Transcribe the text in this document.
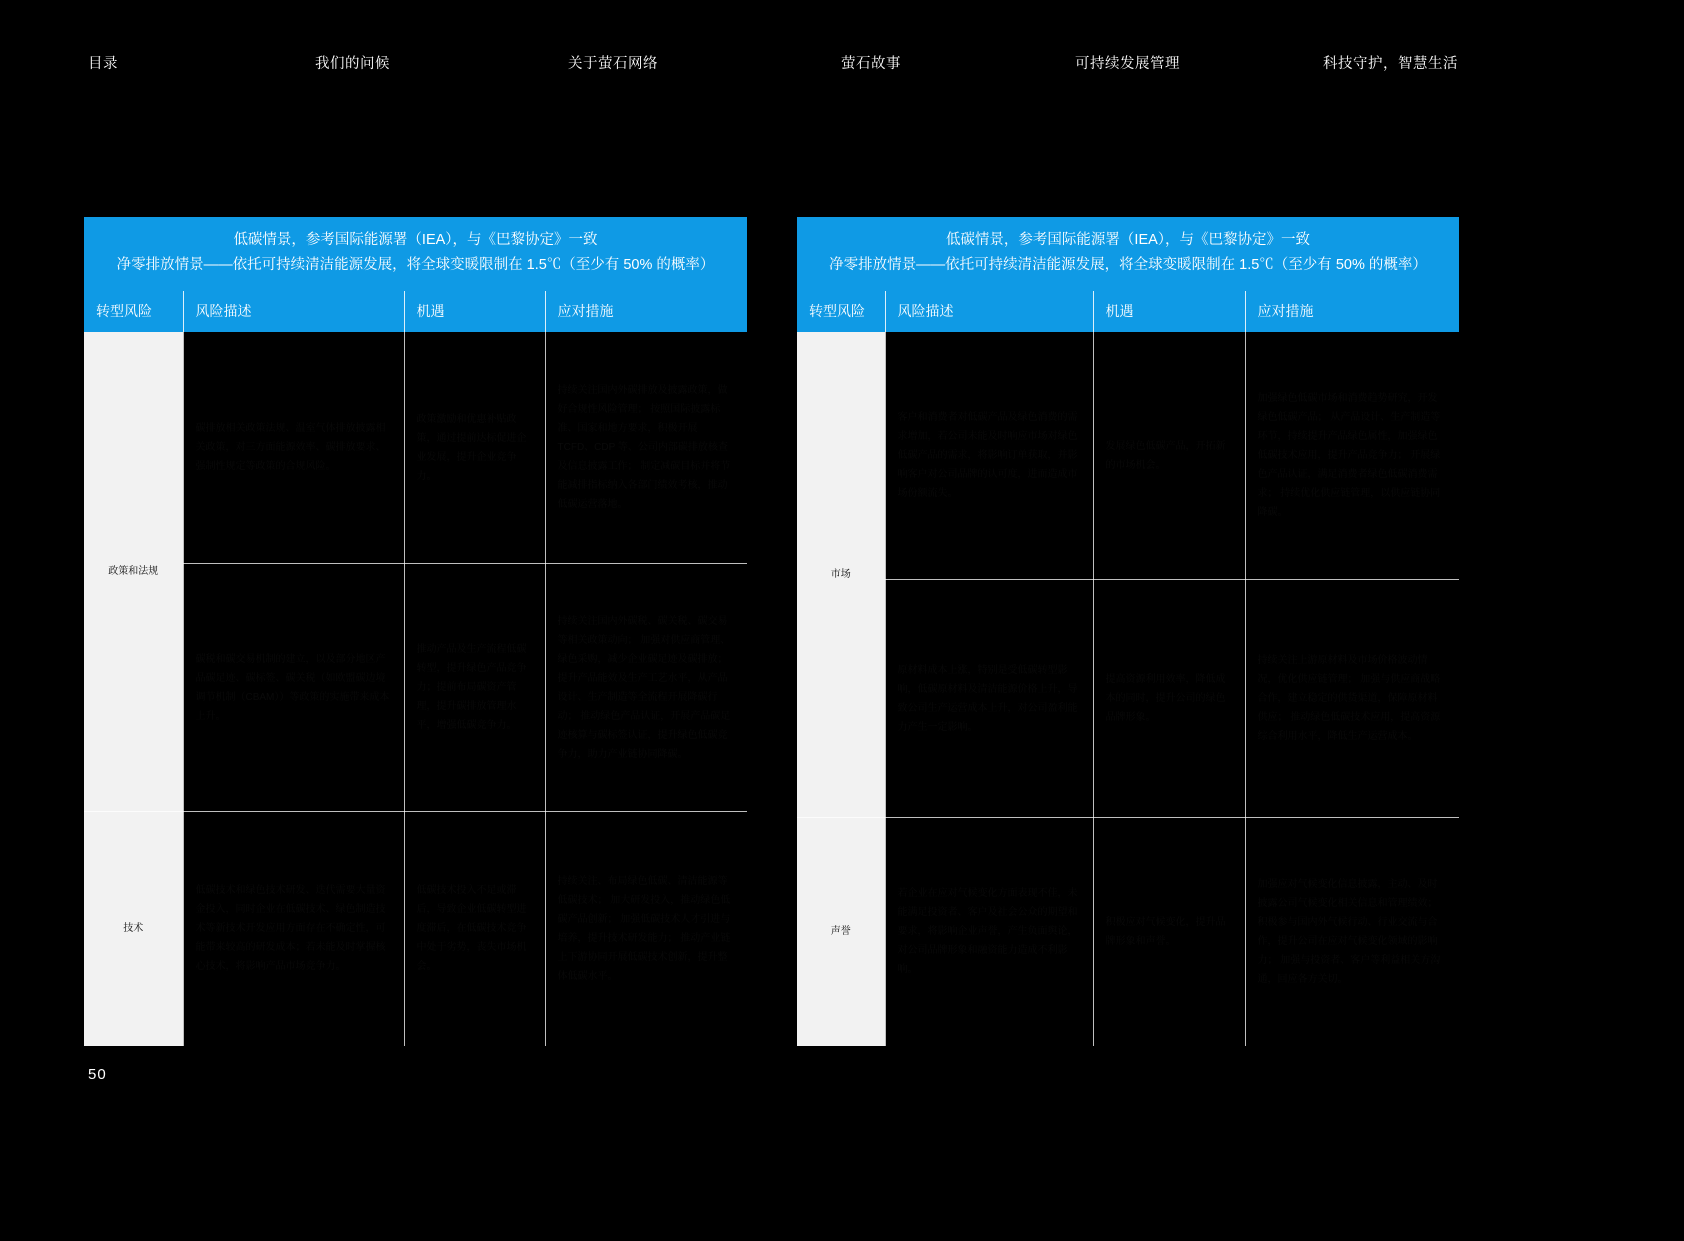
目录	我们的问候	关于萤石网络	萤石故事	可持续发展管理	科技守护，智慧生活
低碳情景，参考国际能源署（IEA），与《巴黎协定》一致
净零排放情景——依托可持续清洁能源发展，将全球变暖限制在 1.5℃（至少有 50% 的概率）
转型风险	风险描述	机遇	应对措施
政策和法规	碳排放相关政策法规、温室气体排放披露相关政策，对三方面能源效率、碳排放要求、强制性规定等政策的合规风险。	政策激励和优惠补贴政策，通过提前达标促进企业发展，提升企业竞争力。	持续关注国内外碳排放及披露政策，做好合规性风险管理； 按照国际披露标准、国家和地方要求，积极开展 TCFD、CDP 等、公司内部碳排放核查及信息披露工作； 制定减碳目标并将节能减排指标纳入各部门绩效考核，推动低碳运营落地。
	碳税和碳交易机制的建立，以及部分地区产品碳足迹、碳标签、碳关税（如欧盟碳边境调节机制（CBAM））等政策的实施带来成本上升。	推动产品及生产流程低碳转型，提升绿色产品竞争力；提前布局碳资产管理，提升碳排放管理水平，增强低碳竞争力。	持续关注国内外碳税、碳关税、碳交易等相关政策动向； 加强对供应商管理、绿色采购，减少企业碳足迹及碳排放； 提升产品能效及生产工艺水平，从产品设计、生产制造等全流程开展降碳行动； 推动绿色产品认证，开展产品碳足迹核算与碳标签认证，提升绿色低碳竞争力，助力产业链协同降碳。
技术	低碳技术和绿色技术研发、迭代需要大量资金投入，同时企业在低碳技术、绿色制造技术等新技术开发应用方面存在不确定性，可能带来较高的研发成本；若未能及时掌握核心技术，将影响产品市场竞争力。	低碳技术投入不足或滞后，导致企业低碳转型进度滞后，在低碳技术竞争中处于劣势，丧失市场机会。	持续关注、布局绿色低碳、清洁能源等低碳技术； 加大研发投入，推动绿色低碳产品创新； 加强低碳技术人才引进与培养，提升技术研发能力； 推动产业链上下游协同开展低碳技术创新，提升整体低碳水平。
低碳情景，参考国际能源署（IEA），与《巴黎协定》一致
净零排放情景——依托可持续清洁能源发展，将全球变暖限制在 1.5℃（至少有 50% 的概率）
转型风险	风险描述	机遇	应对措施
市场	客户和消费者对低碳产品及绿色消费的需求增加，若公司未能及时响应市场对绿色低碳产品的需求，将影响订单获取，并影响客户对公司品牌的认可度，进而造成市场份额流失。	发展绿色低碳产品，开拓新的市场机会。	加强绿色低碳市场和消费趋势研究，开发绿色低碳产品； 从产品设计、生产制造等环节，持续提升产品绿色属性，加强绿色低碳技术应用，提升产品竞争力； 开展绿色产品认证，满足消费者绿色低碳消费需求； 持续优化供应链管理，以供应链协同降碳。
	原材料成本上涨，特别是受低碳转型影响，低碳原材料及清洁能源价格上升，导致公司生产运营成本上升，对公司盈利能力产生一定影响。	提高资源利用效率，降低成本的同时，提升公司的绿色品牌形象。	持续关注上游原材料及市场价格波动情况，优化供应链管理； 加强与供应商战略合作，建立稳定的供货渠道，保障原材料供应； 推动绿色低碳技术应用，提高资源综合利用水平，降低生产运营成本。
声誉	若企业在应对气候变化方面表现不佳，未能满足投资者、客户及社会公众的期望和要求，将影响企业声誉，产生负面舆论，对公司品牌形象和融资能力造成不利影响。	积极应对气候变化，提升品牌形象和声誉。	加强应对气候变化信息披露，主动、及时披露公司气候变化相关信息和管理绩效； 积极参与国内外气候行动、行业交流与合作，提升公司在应对气候变化领域的影响力； 加强与投资者、客户等利益相关方沟通，回应各方关切。
50
